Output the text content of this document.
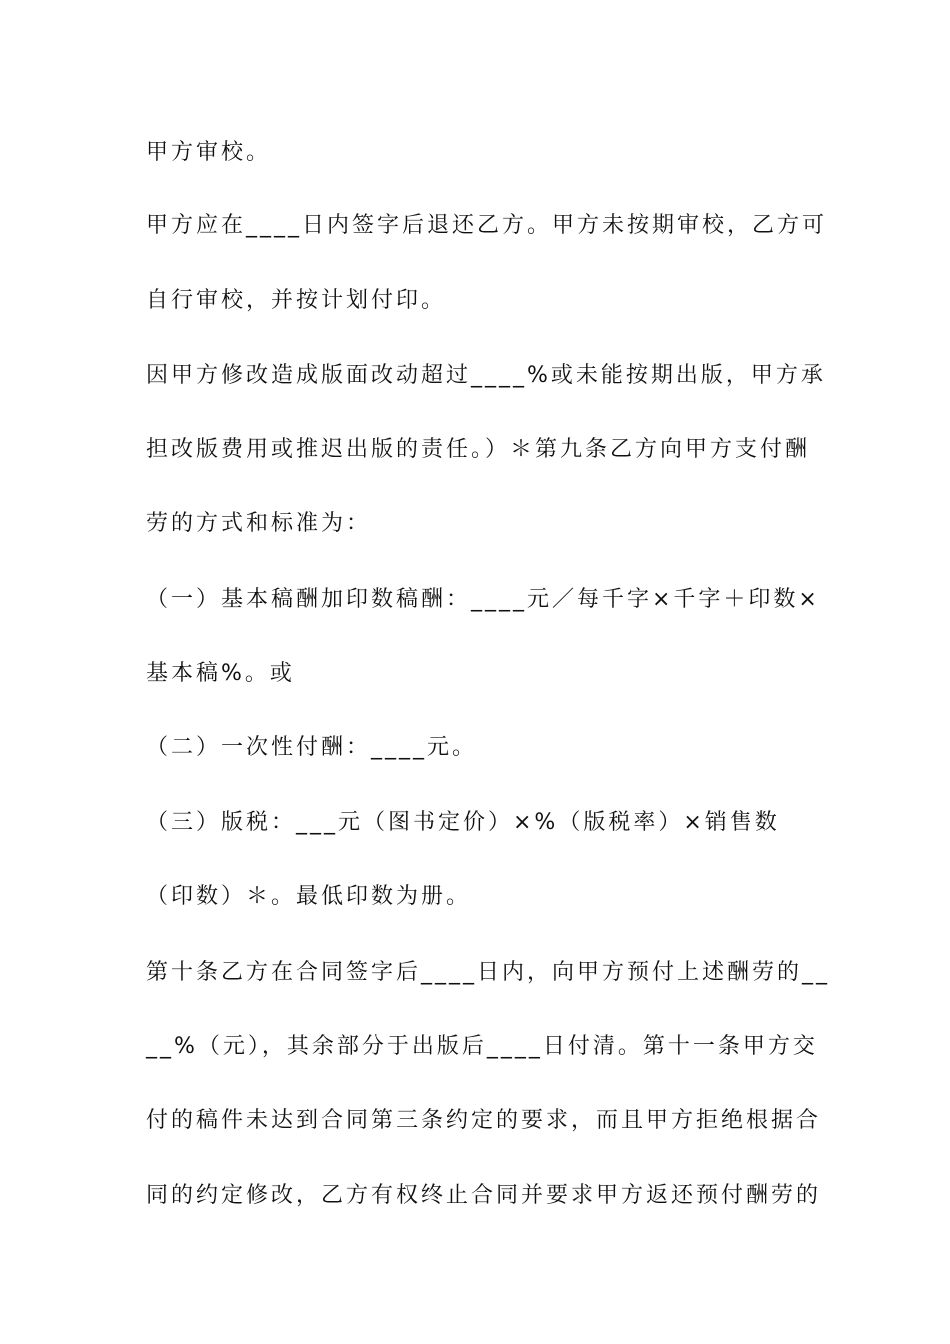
甲方审校。
甲方应在____日内签字后退还乙方。甲方未按期审校，乙方可
自行审校，并按计划付印。
因甲方修改造成版面改动超过____%或未能按期出版，甲方承
担改版费用或推迟出版的责任。）＊第九条乙方向甲方支付酬
劳的方式和标准为：
（一）基本稿酬加印数稿酬：____元／每千字×千字＋印数×
基本稿%。或
（二）一次性付酬：____元。
（三）版税：___元（图书定价）×%（版税率）×销售数
（印数）＊。最低印数为册。
第十条乙方在合同签字后____日内，向甲方预付上述酬劳的__
__%（元），其余部分于出版后____日付清。第十一条甲方交
付的稿件未达到合同第三条约定的要求，而且甲方拒绝根据合
同的约定修改，乙方有权终止合同并要求甲方返还预付酬劳的
